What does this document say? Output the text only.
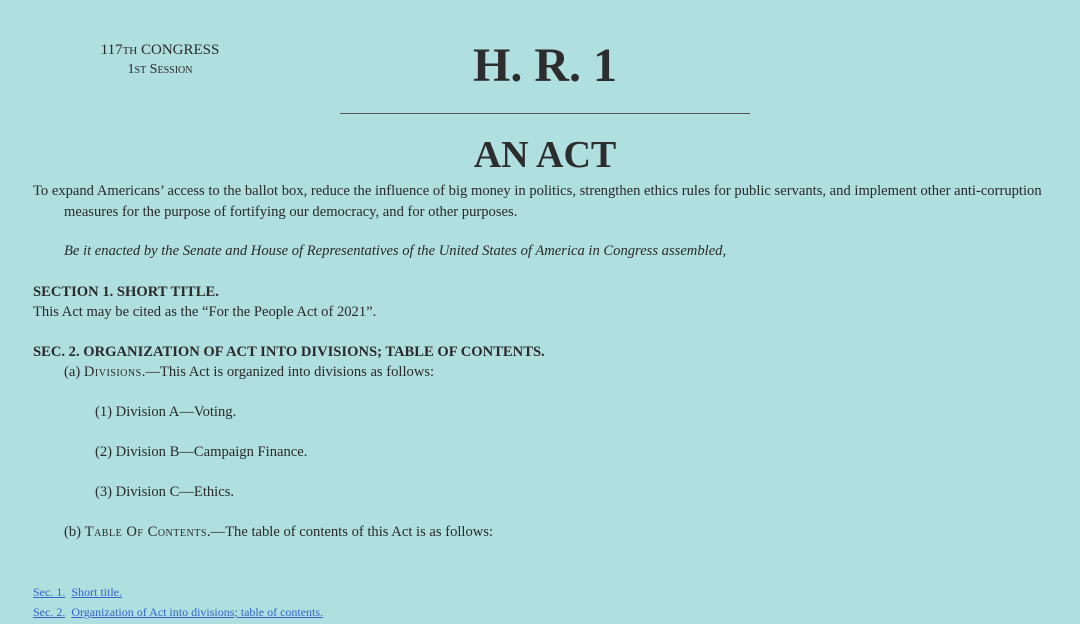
117th CONGRESS
1st Session	H. R. 1
AN ACT
To expand Americans’ access to the ballot box, reduce the influence of big money in politics, strengthen ethics rules for public servants, and implement other anti-corruption measures for the purpose of fortifying our democracy, and for other purposes.
Be it enacted by the Senate and House of Representatives of the United States of America in Congress assembled,
SECTION 1. SHORT TITLE.
This Act may be cited as the “For the People Act of 2021”.
SEC. 2. ORGANIZATION OF ACT INTO DIVISIONS; TABLE OF CONTENTS.
(a) Divisions.—This Act is organized into divisions as follows:
(1) Division A—Voting.
(2) Division B—Campaign Finance.
(3) Division C—Ethics.
(b) Table Of Contents.—The table of contents of this Act is as follows:
Sec. 1. Short title.
Sec. 2. Organization of Act into divisions; table of contents.
